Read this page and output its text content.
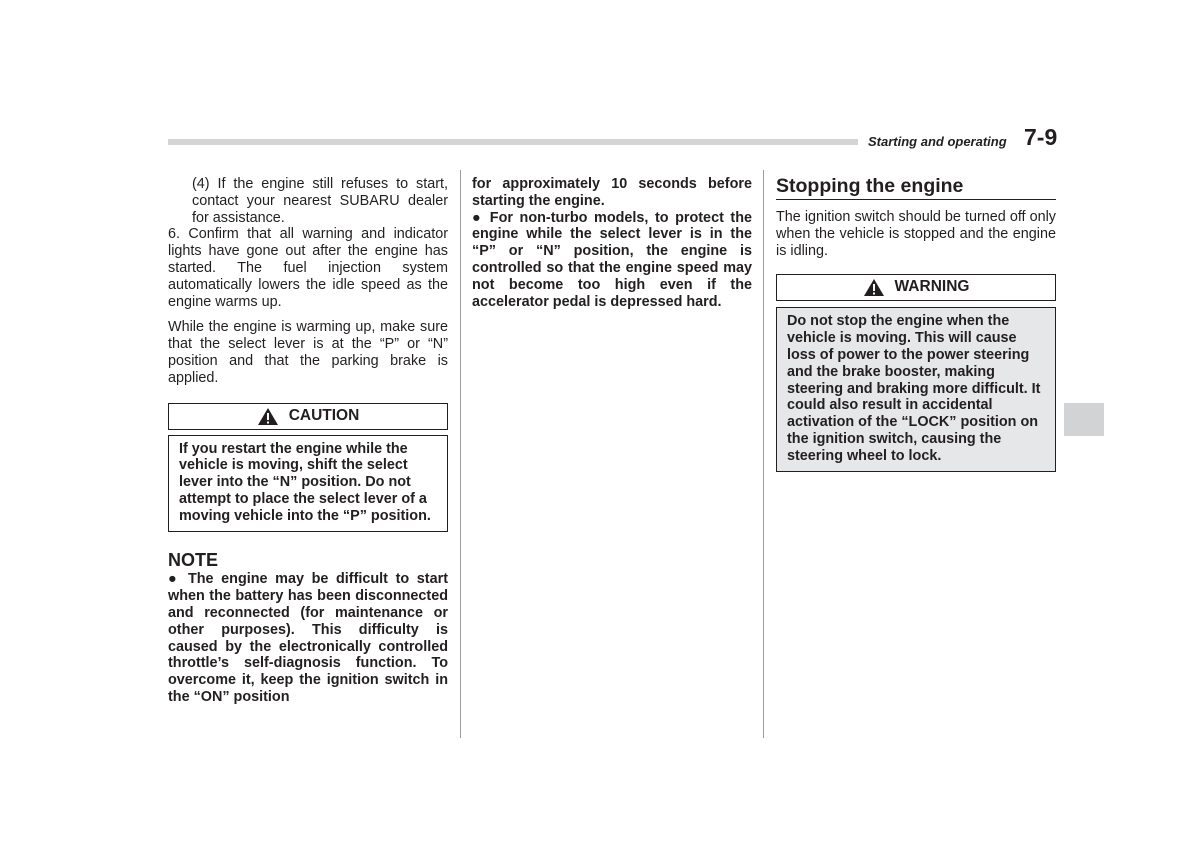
Starting and operating 7-9

(4) If the engine still refuses to start, contact your nearest SUBARU dealer for assistance.

6. Confirm that all warning and indicator lights have gone out after the engine has started. The fuel injection system automatically lowers the idle speed as the engine warms up.

While the engine is warming up, make sure that the select lever is at the “P” or “N” position and that the parking brake is applied.

CAUTION
If you restart the engine while the vehicle is moving, shift the select lever into the “N” position. Do not attempt to place the select lever of a moving vehicle into the “P” position.
NOTE

● The engine may be difficult to start when the battery has been disconnected and reconnected (for maintenance or other purposes). This difficulty is caused by the electronically controlled throttle’s self-diagnosis function. To overcome it, keep the ignition switch in the “ON” position

for approximately 10 seconds before starting the engine.

● For non-turbo models, to protect the engine while the select lever is in the “P” or “N” position, the engine is controlled so that the engine speed may not become too high even if the accelerator pedal is depressed hard.

Stopping the engine

The ignition switch should be turned off only when the vehicle is stopped and the engine is idling.

WARNING
Do not stop the engine when the vehicle is moving. This will cause loss of power to the power steering and the brake booster, making steering and braking more difficult. It could also result in accidental activation of the “LOCK” position on the ignition switch, causing the steering wheel to lock.
